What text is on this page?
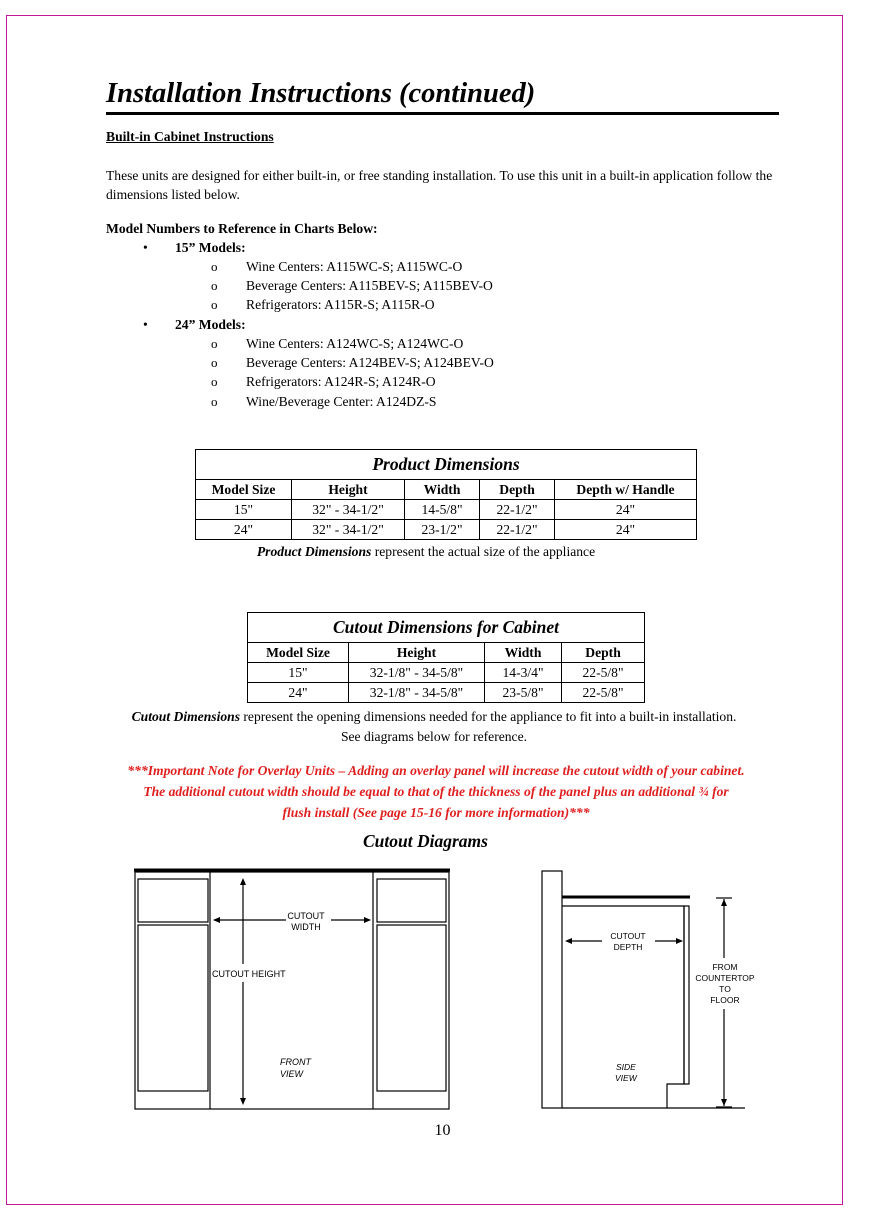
Installation Instructions (continued)
Built-in Cabinet Instructions
These units are designed for either built-in, or free standing installation. To use this unit in a built-in application follow the dimensions listed below.
Model Numbers to Reference in Charts Below:
• 15” Models:
o Wine Centers: A115WC-S; A115WC-O
o Beverage Centers: A115BEV-S; A115BEV-O
o Refrigerators: A115R-S; A115R-O
• 24” Models:
o Wine Centers: A124WC-S; A124WC-O
o Beverage Centers: A124BEV-S; A124BEV-O
o Refrigerators: A124R-S; A124R-O
o Wine/Beverage Center: A124DZ-S
Product Dimensions				
Model Size	Height	Width	Depth	Depth w/ Handle
15"	32" - 34-1/2"	14-5/8"	22-1/2"	24"
24"	32" - 34-1/2"	23-1/2"	22-1/2"	24"
Product Dimensions represent the actual size of the appliance
Cutout Dimensions for Cabinet			
Model Size	Height	Width	Depth
15"	32-1/8" - 34-5/8"	14-3/4"	22-5/8"
24"	32-1/8" - 34-5/8"	23-5/8"	22-5/8"
Cutout Dimensions represent the opening dimensions needed for the appliance to fit into a built-in installation.
See diagrams below for reference.
***Important Note for Overlay Units – Adding an overlay panel will increase the cutout width of your cabinet.
The additional cutout width should be equal to that of the thickness of the panel plus an additional ¾ for
flush install (See page 15-16 for more information)***
Cutout Diagrams
CUTOUT
WIDTH
CUTOUT HEIGHT
FRONT
VIEW
CUTOUT
DEPTH
FROM
COUNTERTOP
TO
FLOOR
SIDE
VIEW
10
